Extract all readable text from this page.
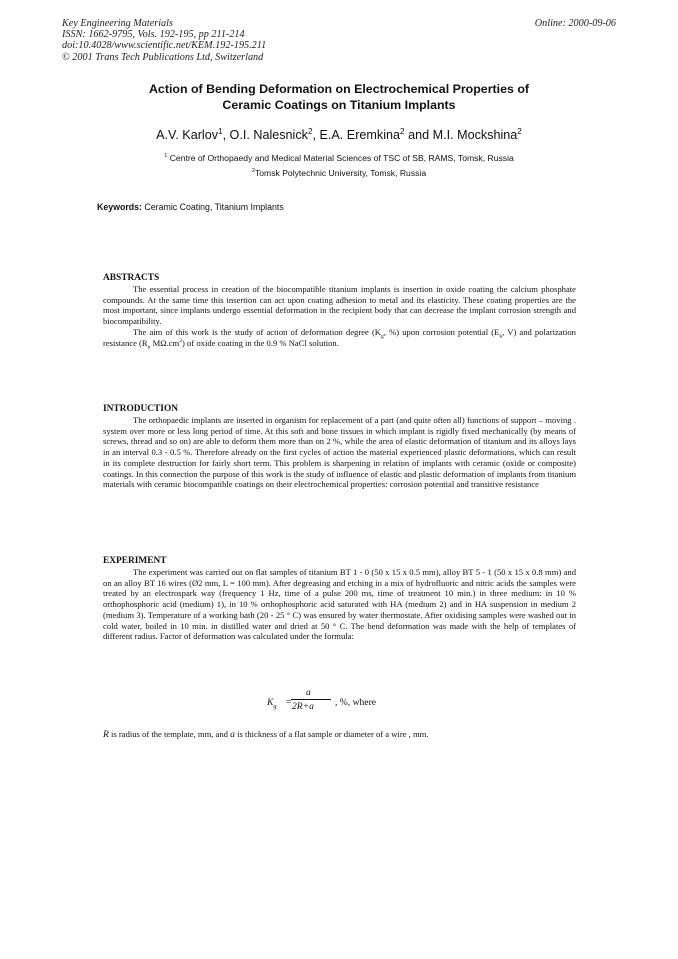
Key Engineering Materials
ISSN: 1662-9795, Vols. 192-195, pp 211-214
doi:10.4028/www.scientific.net/KEM.192-195.211
© 2001 Trans Tech Publications Ltd, Switzerland
Online: 2000-09-06
Action of Bending Deformation on Electrochemical Properties of
Ceramic Coatings on Titanium Implants
A.V. Karlov$^1$, O.I. Nalesnick$^2$, E.A. Eremkina$^2$ and M.I. Mockshina$^2$
$^1$ Centre of Orthopaedy and Medical Material Sciences of TSC of SB, RAMS, Tomsk, Russia
$^2$Tomsk Polytechnic University, Tomsk, Russia
Keywords: Ceramic Coating, Titanium Implants
ABSTRACTS

The essential process in creation of the biocompatible titanium implants is insertion in oxide coating the calcium phosphate compounds. At the same time this insertion can act upon coating adhesion to metal and its elasticity. These coating properties are the most important, since implants undergo essential deformation in the recipient body that can decrease the implant corrosion strength and biocompatibility.

The aim of this work is the study of action of deformation degree ($K_g$, %) upon corrosion potential ($E_k$, V) and polarization resistance ($R_n$ $M\Omega.cm^2$) of oxide coating in the 0.9 % NaCl solution.

INTRODUCTION

The orthopaedic implants are inserted in organism for replacement of a part (and quite often all) functions of support – moving . system over more or less long period of time. At this soft and bone tissues in which implant is rigidly fixed mechanically (by means of screws, thread and so on) are able to deform them more than on 2 %, while the area of elastic deformation of titanium and its alloys lays in an interval 0.3 - 0.5 %. Therefore already on the first cycles of action the material experienced plastic deformations, which can result in its complete destruction for fairly short term. This problem is sharpening in relation of implants with ceramic (oxide or composite) coatings. In this connection the purpose of this work is the study of influence of elastic and plastic deformation of implants from titanium materials with ceramic biocompatible coatings on their electrochemical properties: corrosion potential and transitive resistance

EXPERIMENT

The experiment was carried out on flat samples of titanium BT 1 - 0 (50 x 15 x 0.5 mm), alloy BT 5 - 1 (50 x 15 x 0.8 mm) and on an alloy BT 16 wires (Ø2 mm, L = 100 mm). After degreasing and etching in a mix of hydrofluoric and nitric acids the samples were treated by an electrospark way (frequency 1 Hz, time of a pulse 200 ms, time of treatment 10 min.) in three medium: in 10 % orthophosphoric acid (medium) 1), in 10 % orthophosphoric acid saturated with HA (medium 2) and in HA suspension in medium 2 (medium 3). Temperature of a working bath (20 - 25 ° C) was ensured by water thermostate. After oxidising samples were washed out in cold water, boiled in 10 min. in distilled water and dried at 50 ° C. The bend deformation was made with the help of templates of different radius. Factor of deformation was calculated under the formula:

$K_g$ =
a
2R+a , %, where
R is radius of the template, mm, and a is thickness of a flat sample or diameter of a wire , mm.
